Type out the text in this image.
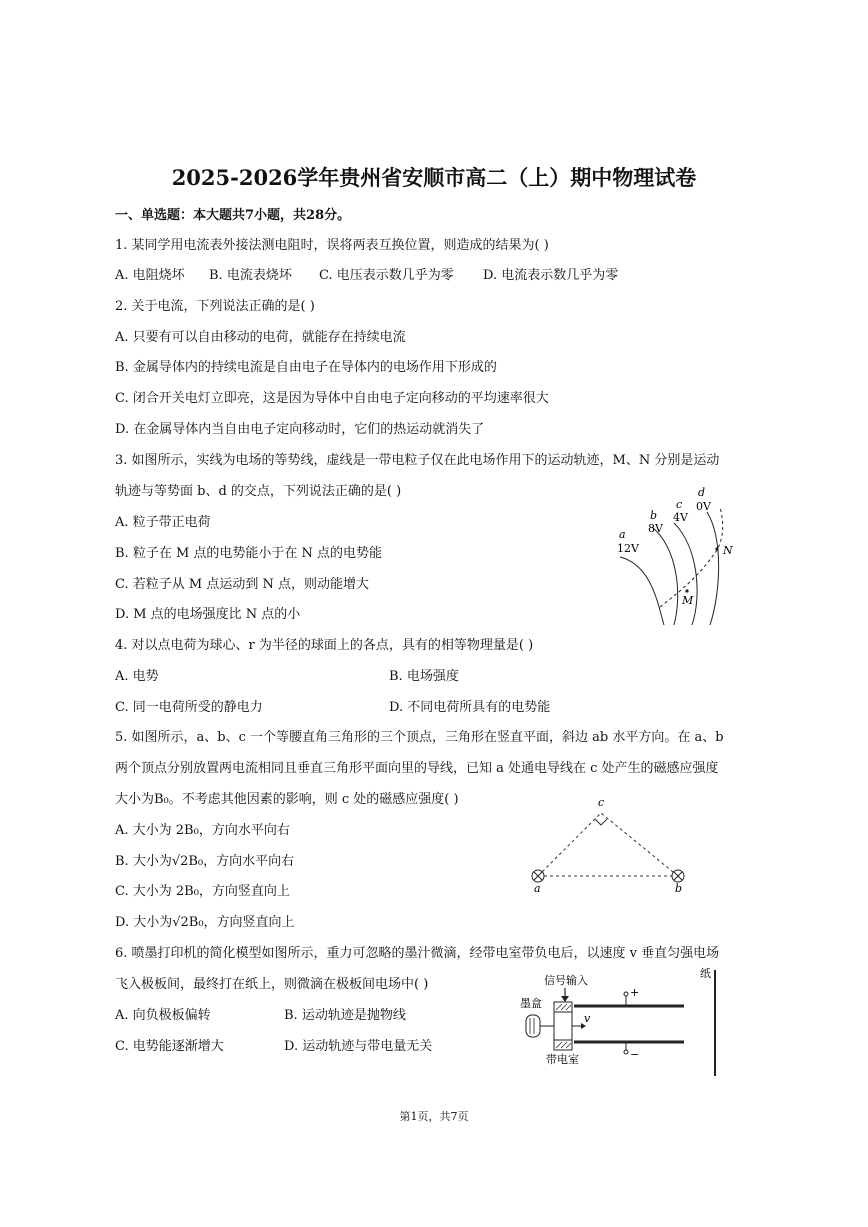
2025-2026学年贵州省安顺市高二（上）期中物理试卷
一、单选题：本大题共7小题，共28分。
1. 某同学用电流表外接法测电阻时，误将两表互换位置，则造成的结果为( )
A. 电阻烧坏 B. 电流表烧坏 C. 电压表示数几乎为零 D. 电流表示数几乎为零
2. 关于电流，下列说法正确的是( )
A. 只要有可以自由移动的电荷，就能存在持续电流
B. 金属导体内的持续电流是自由电子在导体内的电场作用下形成的
C. 闭合开关电灯立即亮，这是因为导体中自由电子定向移动的平均速率很大
D. 在金属导体内当自由电子定向移动时，它们的热运动就消失了
3. 如图所示，实线为电场的等势线，虚线是一带电粒子仅在此电场作用下的运动轨迹，M、N 分别是运动
轨迹与等势面 b、d 的交点，下列说法正确的是( )
A. 粒子带正电荷
B. 粒子在 M 点的电势能小于在 N 点的电势能
C. 若粒子从 M 点运动到 N 点，则动能增大
D. M 点的电场强度比 N 点的小
a
12V
b
8V
c
4V
d
0V
M
N
4. 对以点电荷为球心、r 为半径的球面上的各点，具有的相等物理量是( )
A. 电势	B. 电场强度
C. 同一电荷所受的静电力	D. 不同电荷所具有的电势能
5. 如图所示，a、b、c 一个等腰直角三角形的三个顶点，三角形在竖直平面，斜边 ab 水平方向。在 a、b
两个顶点分别放置两电流相同且垂直三角形平面向里的导线，已知 a 处通电导线在 c 处产生的磁感应强度
大小为B₀。不考虑其他因素的影响，则 c 处的磁感应强度( )
A. 大小为 2B₀，方向水平向右
B. 大小为√2B₀，方向水平向右
C. 大小为 2B₀，方向竖直向上
D. 大小为√2B₀，方向竖直向上
c
a	b
6. 喷墨打印机的简化模型如图所示，重力可忽略的墨汁微滴，经带电室带负电后，以速度 v 垂直匀强电场
飞入极板间，最终打在纸上，则微滴在极板间电场中( )
A. 向负极板偏转	B. 运动轨迹是抛物线
C. 电势能逐渐增大	D. 运动轨迹与带电量无关
信号输入
墨盒
v
+
−
带电室
纸
第1页，共7页
